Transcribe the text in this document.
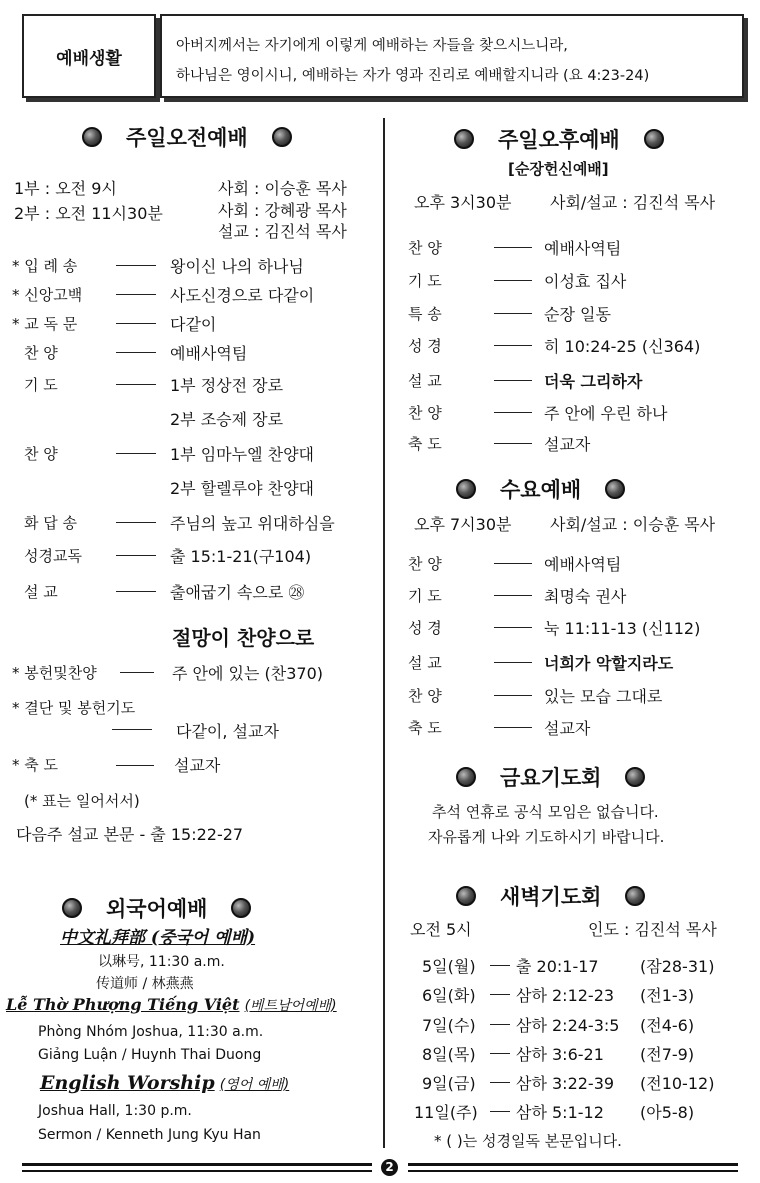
예배생활
아버지께서는 자기에게 이렇게 예배하는 자들을 찾으시느니라,
하나님은 영이시니, 예배하는 자가 영과 진리로 예배할지니라 (요 4:23-24)
주일오전예배
1부 : 오전 9시
2부 : 오전 11시30분
사회 : 이승훈 목사
사회 : 강혜광 목사
설교 : 김진석 목사
* 입 례 송	왕이신 나의 하나님
* 신앙고백	사도신경으로 다같이
* 교 독 문	다같이
찬 양	예배사역팀
기 도	1부 정상전 장로
2부 조승제 장로
찬 양	1부 임마누엘 찬양대
2부 할렐루야 찬양대
화 답 송	주님의 높고 위대하심을
성경교독	출 15:1-21(구104)
설 교	출애굽기 속으로 ㉘
절망이 찬양으로
* 봉헌및찬양	주 안에 있는 (찬370)
* 결단 및 봉헌기도
다같이, 설교자
* 축 도	설교자
(* 표는 일어서서)
다음주 설교 본문 - 출 15:22-27
외국어예배
中文礼拜部 (중국어 예배)
以琳号, 11:30 a.m.
传道师 / 林燕燕
Lễ Thờ Phượng Tiếng Việt (베트남어예배)
Phòng Nhóm Joshua, 11:30 a.m.
Giảng Luận / Huynh Thai Duong
English Worship (영어 예배)
Joshua Hall, 1:30 p.m.
Sermon / Kenneth Jung Kyu Han
주일오후예배
[순장헌신예배]
오후 3시30분 사회/설교 : 김진석 목사
찬 양	예배사역팀
기 도	이성효 집사
특 송	순장 일동
성 경	히 10:24-25 (신364)
설 교	더욱 그리하자
찬 양	주 안에 우린 하나
축 도	설교자
수요예배
오후 7시30분 사회/설교 : 이승훈 목사
찬 양	예배사역팀
기 도	최명숙 권사
성 경	눅 11:11-13 (신112)
설 교	너희가 악할지라도
찬 양	있는 모습 그대로
축 도	설교자
금요기도회
추석 연휴로 공식 모임은 없습니다.
자유롭게 나와 기도하시기 바랍니다.
새벽기도회
오전 5시	인도 : 김진석 목사
5일(월)	출 20:1-17	(잠28-31)
6일(화)	삼하 2:12-23 (전1-3)
7일(수)	삼하 2:24-3:5 (전4-6)
8일(목)	삼하 3:6-21 (전7-9)
9일(금)	삼하 3:22-39 (전10-12)
11일(주) 삼하 5:1-12 (아5-8)
* ( )는 성경일독 본문입니다.
2
